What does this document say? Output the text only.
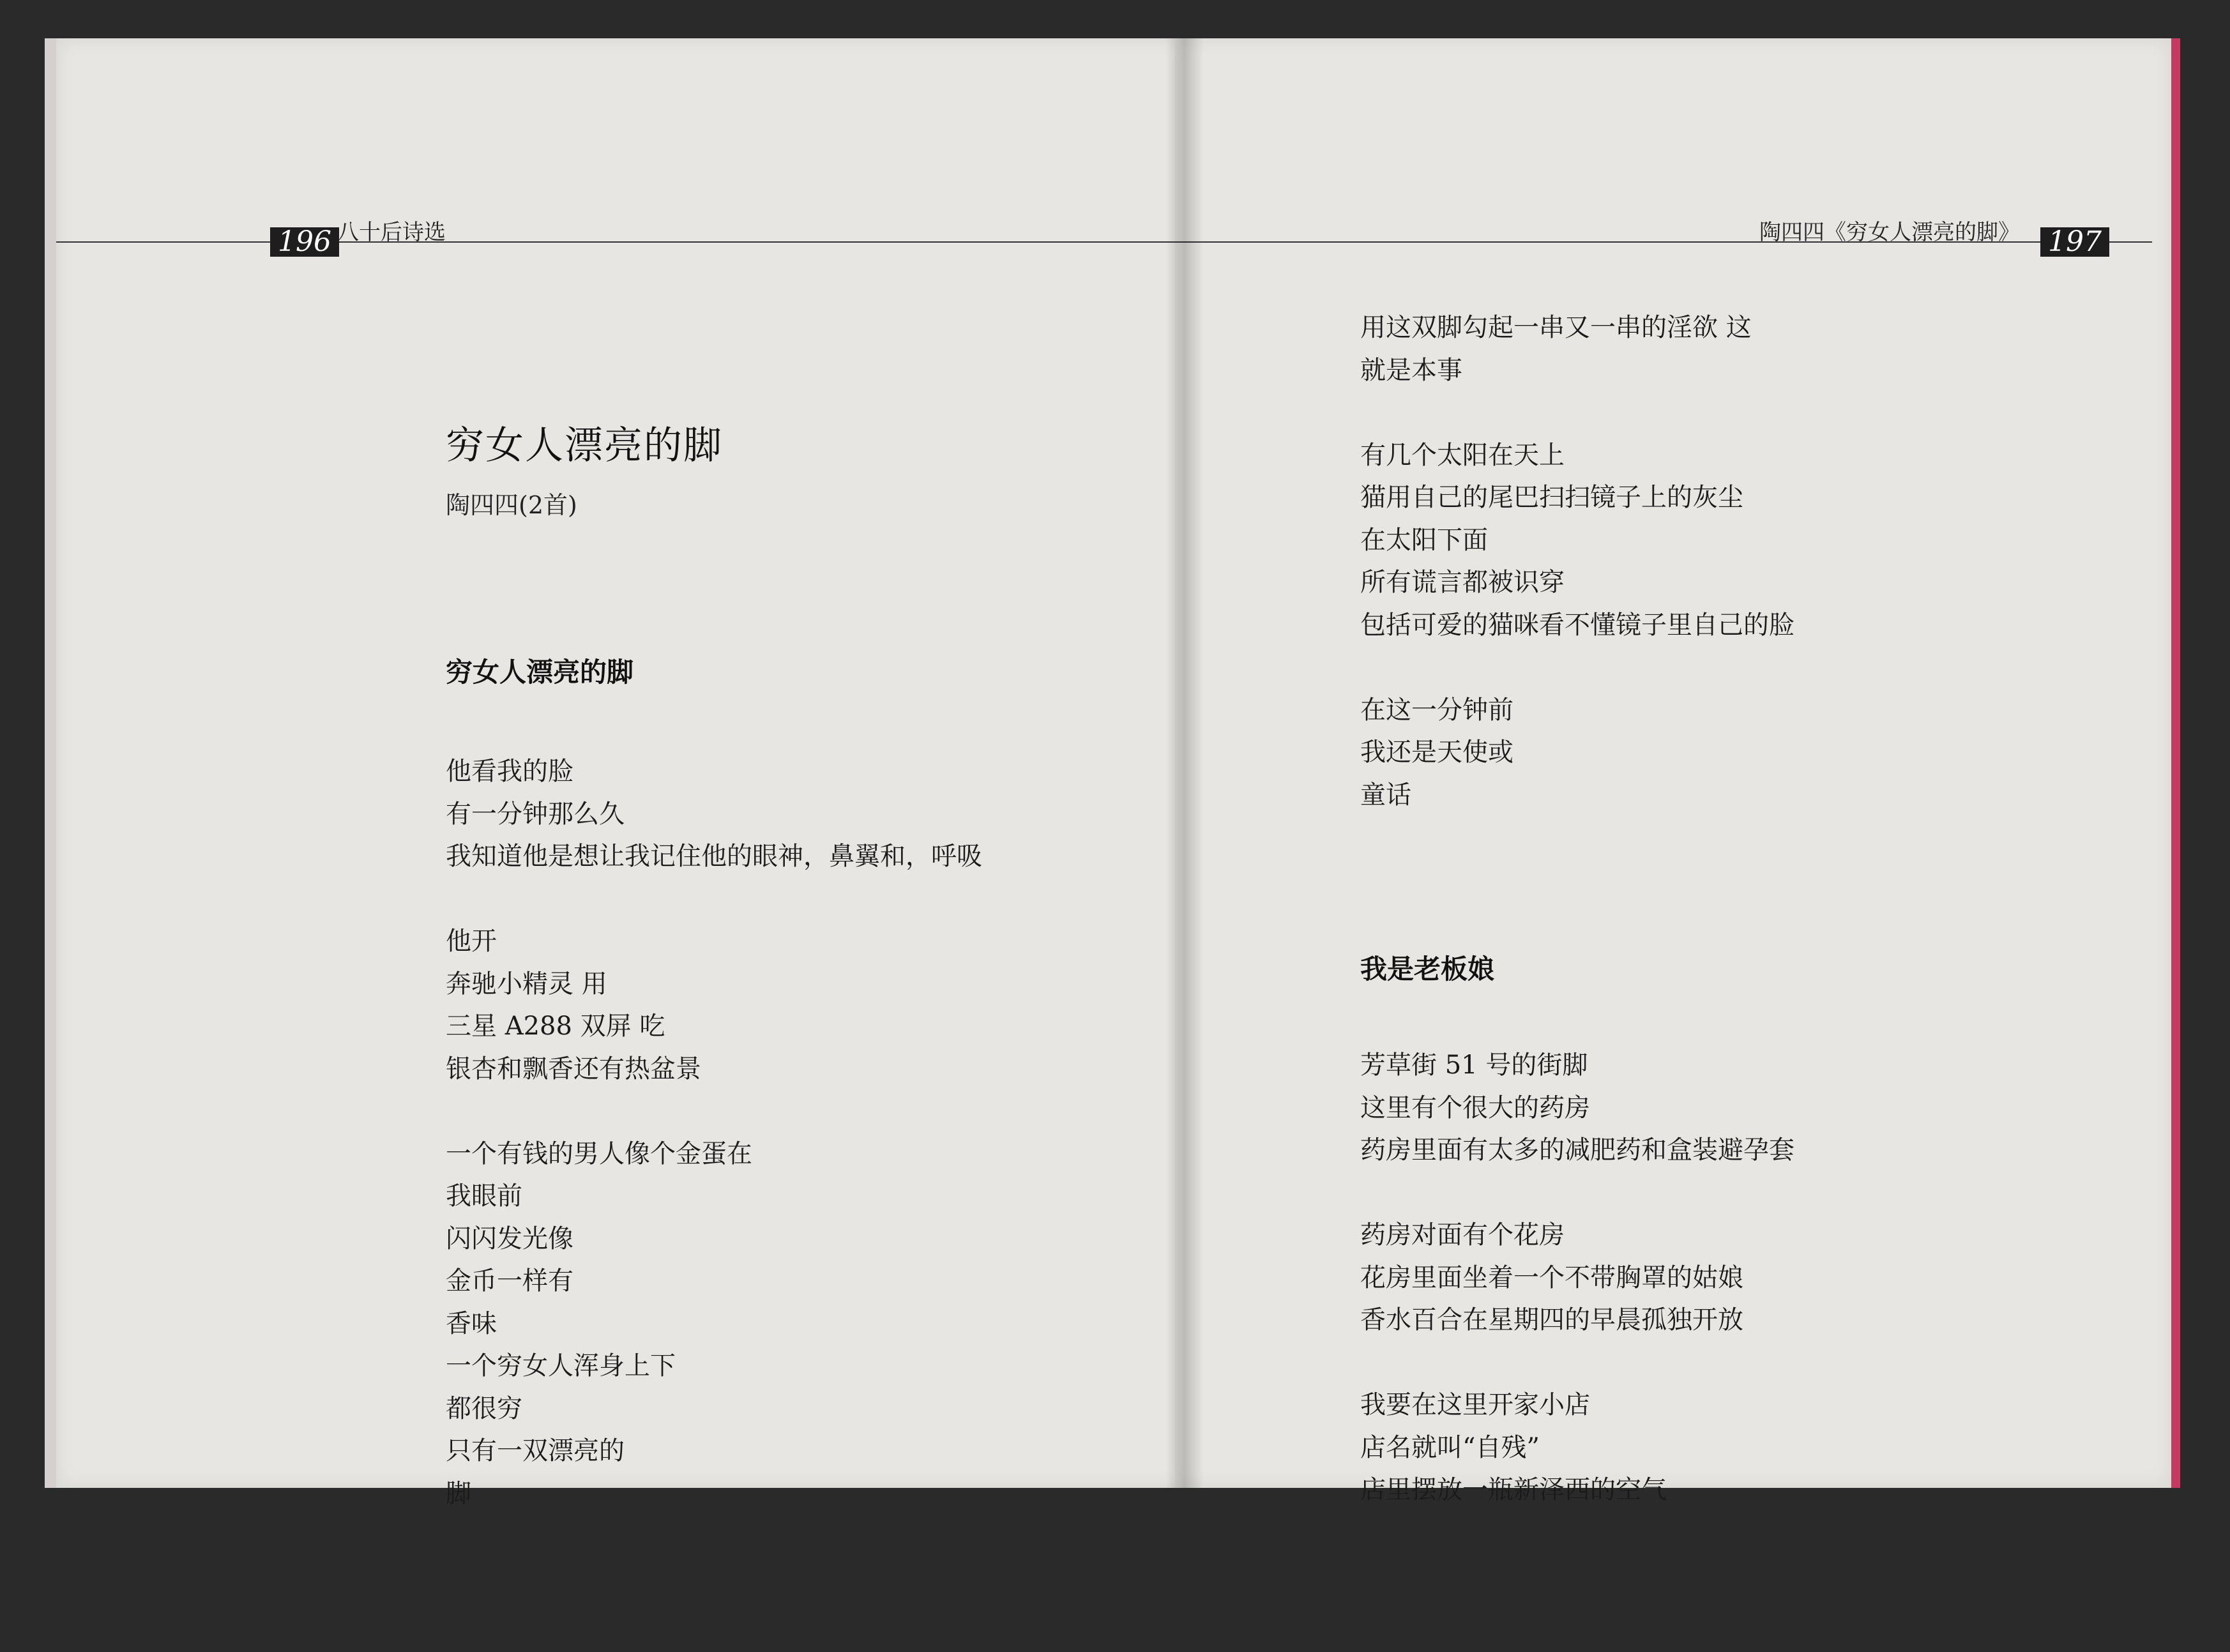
196 八十后诗选
穷女人漂亮的脚
陶四四(2首)
穷女人漂亮的脚
他看我的脸
有一分钟那么久
我知道他是想让我记住他的眼神，鼻翼和，呼吸
他开
奔驰小精灵 用
三星 A288 双屏 吃
银杏和飘香还有热盆景
一个有钱的男人像个金蛋在
我眼前
闪闪发光像
金币一样有
香味
一个穷女人浑身上下
都很穷
只有一双漂亮的
脚
陶四四《穷女人漂亮的脚》 197
用这双脚勾起一串又一串的淫欲 这
就是本事
有几个太阳在天上
猫用自己的尾巴扫扫镜子上的灰尘
在太阳下面
所有谎言都被识穿
包括可爱的猫咪看不懂镜子里自己的脸
在这一分钟前
我还是天使或
童话
我是老板娘
芳草街 51 号的街脚
这里有个很大的药房
药房里面有太多的减肥药和盒装避孕套
药房对面有个花房
花房里面坐着一个不带胸罩的姑娘
香水百合在星期四的早晨孤独开放
我要在这里开家小店
店名就叫“自残”
店里摆放一瓶新泽西的空气
